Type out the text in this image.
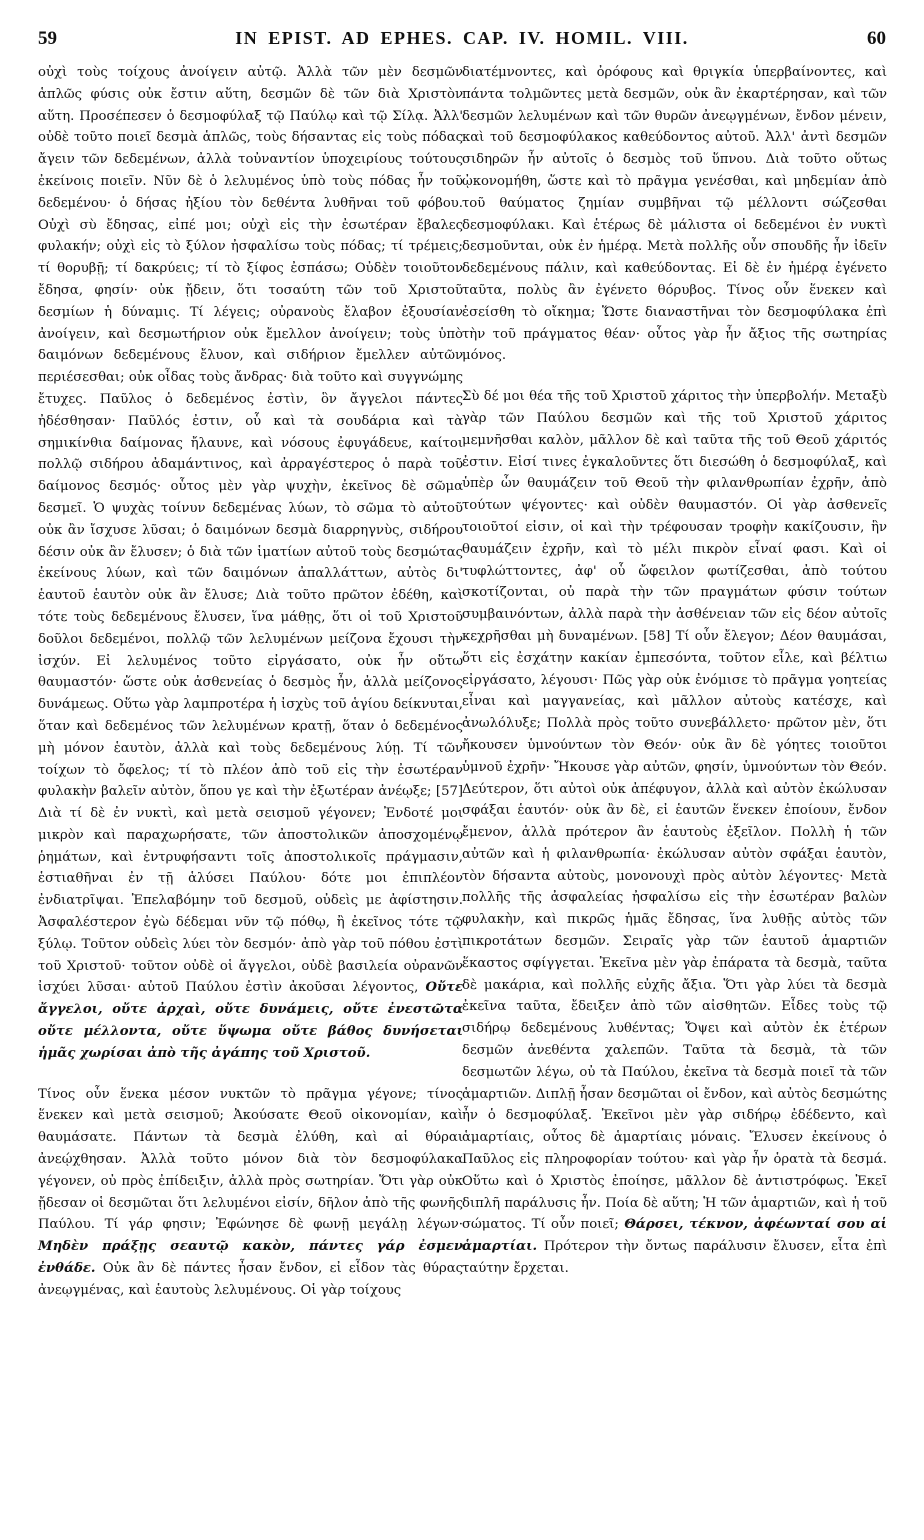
59	IN EPIST. AD EPHES. CAP. IV. HOMIL. VIII.	60

οὐχὶ τοὺς τοίχους ἀνοίγειν αὐτῷ. Ἀλλὰ τῶν μὲν δεσμῶν ἁπλῶς φύσις οὐκ ἔστιν αὕτη, δεσμῶν δὲ τῶν διὰ Χριστὸν αὕτη. Προσέπεσεν ὁ δεσμοφύλαξ τῷ Παύλῳ καὶ τῷ Σίλᾳ. Ἀλλ' οὐδὲ τοῦτο ποιεῖ δεσμὰ ἁπλῶς, τοὺς δήσαντας εἰς τοὺς πόδας ἄγειν τῶν δεδεμένων, ἀλλὰ τοὐναντίον ὑποχειρίους τούτους ἐκείνοις ποιεῖν. Νῦν δὲ ὁ λελυμένος ὑπὸ τοὺς πόδας ἦν τοῦ δεδεμένου· ὁ δήσας ἠξίου τὸν δεθέντα λυθῆναι τοῦ φόβου. Οὐχὶ σὺ ἔδησας, εἰπέ μοι; οὐχὶ εἰς τὴν ἐσωτέραν ἔβαλες φυλακήν; οὐχὶ εἰς τὸ ξύλον ἠσφαλίσω τοὺς πόδας; τί τρέμεις; τί θορυβῇ; τί δακρύεις; τί τὸ ξίφος ἐσπάσω; Οὐδὲν τοιοῦτον ἔδησα, φησίν· οὐκ ᾔδειν, ὅτι τοσαύτη τῶν τοῦ Χριστοῦ δεσμίων ἡ δύναμις. Τί λέγεις; οὐρανοὺς ἔλαβον ἐξουσίαν ἀνοίγειν, καὶ δεσμωτήριον οὐκ ἔμελλον ἀνοίγειν; τοὺς ὑπὸ δαιμόνων δεδεμένους ἔλυον, καὶ σιδήριον ἔμελλεν αὐτῶν περιέσεσθαι; οὐκ οἶδας τοὺς ἄνδρας· διὰ τοῦτο καὶ συγγνώμης ἔτυχες. Παῦλος ὁ δεδεμένος ἐστὶν, ὃν ἄγγελοι πάντες ἠδέσθησαν· Παῦλός ἐστιν, οὗ καὶ τὰ σουδάρια καὶ τὰ σημικίνθια δαίμονας ἤλαυνε, καὶ νόσους ἐφυγάδευε, καίτοι πολλῷ σιδήρου ἀδαμάντινος, καὶ ἀρραγέστερος ὁ παρὰ τοῦ δαίμονος δεσμός· οὗτος μὲν γὰρ ψυχὴν, ἐκεῖνος δὲ σῶμα δεσμεῖ. Ὁ ψυχὰς τοίνυν δεδεμένας λύων, τὸ σῶμα τὸ αὐτοῦ οὐκ ἂν ἴσχυσε λῦσαι; ὁ δαιμόνων δεσμὰ διαρρηγνὺς, σιδήρου δέσιν οὐκ ἂν ἔλυσεν; ὁ διὰ τῶν ἱματίων αὐτοῦ τοὺς δεσμώτας ἐκείνους λύων, καὶ τῶν δαιμόνων ἀπαλλάττων, αὐτὸς δι' ἑαυτοῦ ἑαυτὸν οὐκ ἂν ἔλυσε; Διὰ τοῦτο πρῶτον ἐδέθη, καὶ τότε τοὺς δεδεμένους ἔλυσεν, ἵνα μάθῃς, ὅτι οἱ τοῦ Χριστοῦ δοῦλοι δεδεμένοι, πολλῷ τῶν λελυμένων μείζονα ἔχουσι τὴν ἰσχύν. Εἰ λελυμένος τοῦτο εἰργάσατο, οὐκ ἦν οὕτω θαυμαστόν· ὥστε οὐκ ἀσθενείας ὁ δεσμὸς ἦν, ἀλλὰ μείζονος δυνάμεως. Οὕτω γὰρ λαμπροτέρα ἡ ἰσχὺς τοῦ ἁγίου δείκνυται, ὅταν καὶ δεδεμένος τῶν λελυμένων κρατῇ, ὅταν ὁ δεδεμένος μὴ μόνον ἑαυτὸν, ἀλλὰ καὶ τοὺς δεδεμένους λύῃ. Τί τῶν τοίχων τὸ ὄφελος; τί τὸ πλέον ἀπὸ τοῦ εἰς τὴν ἐσωτέραν φυλακὴν βαλεῖν αὐτὸν, ὅπου γε καὶ τὴν ἐξωτέραν ἀνέῳξε; [57] Διὰ τί δὲ ἐν νυκτὶ, καὶ μετὰ σεισμοῦ γέγονεν; Ἐνδοτέ μοι μικρὸν καὶ παραχωρήσατε, τῶν ἀποστολικῶν ἀποσχομένῳ ῥημάτων, καὶ ἐντρυφήσαντι τοῖς ἀποστολικοῖς πράγμασιν, ἑστιαθῆναι ἐν τῇ ἁλύσει Παύλου· δότε μοι ἐπιπλέον ἐνδιατρῖψαι. Ἐπελαβόμην τοῦ δεσμοῦ, οὐδεὶς με ἀφίστησιν. Ἀσφαλέστερον ἐγὼ δέδεμαι νῦν τῷ πόθῳ, ἢ ἐκεῖνος τότε τῷ ξύλῳ. Τοῦτον οὐδεὶς λύει τὸν δεσμόν· ἀπὸ γὰρ τοῦ πόθου ἐστὶ τοῦ Χριστοῦ· τοῦτον οὐδὲ οἱ ἄγγελοι, οὐδὲ βασιλεία οὐρανῶν ἰσχύει λῦσαι· αὐτοῦ Παύλου ἐστὶν ἀκοῦσαι λέγοντος, Οὔτε ἄγγελοι, οὔτε ἀρχαὶ, οὔτε δυνάμεις, οὔτε ἐνεστῶτα οὔτε μέλλοντα, οὔτε ὕψωμα οὔτε βάθος δυνήσεται ἡμᾶς χωρίσαι ἀπὸ τῆς ἀγάπης τοῦ Χριστοῦ.

Τίνος οὖν ἕνεκα μέσον νυκτῶν τὸ πρᾶγμα γέγονε; τίνος ἕνεκεν καὶ μετὰ σεισμοῦ; Ἀκούσατε Θεοῦ οἰκονομίαν, καὶ θαυμάσατε. Πάντων τὰ δεσμὰ ἐλύθη, καὶ αἱ θύραι ἀνεῴχθησαν. Ἀλλὰ τοῦτο μόνον διὰ τὸν δεσμοφύλακα γέγονεν, οὐ πρὸς ἐπίδειξιν, ἀλλὰ πρὸς σωτηρίαν. Ὅτι γὰρ οὐκ ᾔδεσαν οἱ δεσμῶται ὅτι λελυμένοι εἰσίν, δῆλον ἀπὸ τῆς φωνῆς Παύλου. Τί γάρ φησιν; Ἐφώνησε δὲ φωνῇ μεγάλῃ λέγων· Μηδὲν πράξῃς σεαυτῷ κακὸν, πάντες γάρ ἐσμεν ἐνθάδε. Οὐκ ἂν δὲ πάντες ἦσαν ἔνδον, εἰ εἶδον τὰς θύρας ἀνεῳγμένας, καὶ ἑαυτοὺς λελυμένους. Οἱ γὰρ τοίχους

διατέμνοντες, καὶ ὀρόφους καὶ θριγκία ὑπερβαίνοντες, καὶ πάντα τολμῶντες μετὰ δεσμῶν, οὐκ ἂν ἐκαρτέρησαν, καὶ τῶν δεσμῶν λελυμένων καὶ τῶν θυρῶν ἀνεῳγμένων, ἔνδον μένειν, καὶ τοῦ δεσμοφύλακος καθεύδοντος αὐτοῦ. Ἀλλ' ἀντὶ δεσμῶν σιδηρῶν ἦν αὐτοῖς ὁ δεσμὸς τοῦ ὕπνου. Διὰ τοῦτο οὕτως ᾠκονομήθη, ὥστε καὶ τὸ πρᾶγμα γενέσθαι, καὶ μηδεμίαν ἀπὸ τοῦ θαύματος ζημίαν συμβῆναι τῷ μέλλοντι σώζεσθαι δεσμοφύλακι. Καὶ ἑτέρως δὲ μάλιστα οἱ δεδεμένοι ἐν νυκτὶ δεσμοῦνται, οὐκ ἐν ἡμέρᾳ. Μετὰ πολλῆς οὖν σπουδῆς ἦν ἰδεῖν δεδεμένους πάλιν, καὶ καθεύδοντας. Εἰ δὲ ἐν ἡμέρᾳ ἐγένετο ταῦτα, πολὺς ἂν ἐγένετο θόρυβος. Τίνος οὖν ἕνεκεν καὶ ἐσείσθη τὸ οἴκημα; Ὥστε διαναστῆναι τὸν δεσμοφύλακα ἐπὶ τὴν τοῦ πράγματος θέαν· οὗτος γὰρ ἦν ἄξιος τῆς σωτηρίας μόνος.

Σὺ δέ μοι θέα τῆς τοῦ Χριστοῦ χάριτος τὴν ὑπερβολήν. Μεταξὺ γὰρ τῶν Παύλου δεσμῶν καὶ τῆς τοῦ Χριστοῦ χάριτος μεμνῆσθαι καλὸν, μᾶλλον δὲ καὶ ταῦτα τῆς τοῦ Θεοῦ χάριτός ἐστιν. Εἰσί τινες ἐγκαλοῦντες ὅτι διεσώθη ὁ δεσμοφύλαξ, καὶ ὑπὲρ ὧν θαυμάζειν τοῦ Θεοῦ τὴν φιλανθρωπίαν ἐχρῆν, ἀπὸ τούτων ψέγοντες· καὶ οὐδὲν θαυμαστόν. Οἱ γὰρ ἀσθενεῖς τοιοῦτοί εἰσιν, οἱ καὶ τὴν τρέφουσαν τροφὴν κακίζουσιν, ἣν θαυμάζειν ἐχρῆν, καὶ τὸ μέλι πικρὸν εἶναί φασι. Καὶ οἱ τυφλώττοντες, ἀφ' οὗ ὤφειλον φωτίζεσθαι, ἀπὸ τούτου σκοτίζονται, οὐ παρὰ τὴν τῶν πραγμάτων φύσιν τούτων συμβαινόντων, ἀλλὰ παρὰ τὴν ἀσθένειαν τῶν εἰς δέον αὐτοῖς κεχρῆσθαι μὴ δυναμένων. [58] Τί οὖν ἔλεγον; Δέον θαυμάσαι, ὅτι εἰς ἐσχάτην κακίαν ἐμπεσόντα, τοῦτον εἷλε, καὶ βέλτιω εἰργάσατο, λέγουσι· Πῶς γὰρ οὐκ ἐνόμισε τὸ πρᾶγμα γοητείας εἶναι καὶ μαγγανείας, καὶ μᾶλλον αὐτοὺς κατέσχε, καὶ ἀνωλόλυξε; Πολλὰ πρὸς τοῦτο συνεβάλλετο· πρῶτον μὲν, ὅτι ἤκουσεν ὑμνούντων τὸν Θεόν· οὐκ ἂν δὲ γόητες τοιοῦτοι ὑμνοῦ ἐχρῆν· Ἤκουσε γὰρ αὐτῶν, φησίν, ὑμνούντων τὸν Θεόν. Δεύτερον, ὅτι αὐτοὶ οὐκ ἀπέφυγον, ἀλλὰ καὶ αὐτὸν ἐκώλυσαν σφάξαι ἑαυτόν· οὐκ ἂν δὲ, εἰ ἑαυτῶν ἕνεκεν ἐποίουν, ἔνδον ἔμενον, ἀλλὰ πρότερον ἂν ἑαυτοὺς ἐξεῖλον. Πολλὴ ἡ τῶν αὐτῶν καὶ ἡ φιλανθρωπία· ἐκώλυσαν αὐτὸν σφάξαι ἑαυτὸν, τὸν δήσαντα αὐτοὺς, μονονουχὶ πρὸς αὐτὸν λέγοντες· Μετὰ πολλῆς τῆς ἀσφαλείας ἠσφαλίσω εἰς τὴν ἐσωτέραν βαλὼν φυλακὴν, καὶ πικρῶς ἡμᾶς ἔδησας, ἵνα λυθῇς αὐτὸς τῶν πικροτάτων δεσμῶν. Σειραῖς γὰρ τῶν ἑαυτοῦ ἁμαρτιῶν ἕκαστος σφίγγεται. Ἐκεῖνα μὲν γὰρ ἐπάρατα τὰ δεσμὰ, ταῦτα δὲ μακάρια, καὶ πολλῆς εὐχῆς ἄξια. Ὅτι γὰρ λύει τὰ δεσμὰ ἐκεῖνα ταῦτα, ἔδειξεν ἀπὸ τῶν αἰσθητῶν. Εἶδες τοὺς τῷ σιδήρῳ δεδεμένους λυθέντας; Ὄψει καὶ αὐτὸν ἐκ ἑτέρων δεσμῶν ἀνεθέντα χαλεπῶν. Ταῦτα τὰ δεσμὰ, τὰ τῶν δεσμωτῶν λέγω, οὐ τὰ Παύλου, ἐκεῖνα τὰ δεσμὰ ποιεῖ τὰ τῶν ἁμαρτιῶν. Διπλῇ ἦσαν δεσμῶται οἱ ἔνδον, καὶ αὐτὸς δεσμώτης ἦν ὁ δεσμοφύλαξ. Ἐκεῖνοι μὲν γὰρ σιδήρῳ ἐδέδεντο, καὶ ἁμαρτίαις, οὗτος δὲ ἁμαρτίαις μόναις. Ἔλυσεν ἐκείνους ὁ Παῦλος εἰς πληροφορίαν τούτου· καὶ γὰρ ἦν ὁρατὰ τὰ δεσμά. Οὕτω καὶ ὁ Χριστὸς ἐποίησε, μᾶλλον δὲ ἀντιστρόφως. Ἐκεῖ διπλῆ παράλυσις ἦν. Ποία δὲ αὕτη; Ἡ τῶν ἁμαρτιῶν, καὶ ἡ τοῦ σώματος. Τί οὖν ποιεῖ; Θάρσει, τέκνον, ἀφέωνταί σου αἱ ἁμαρτίαι. Πρότερον τὴν ὄντως παράλυσιν ἔλυσεν, εἶτα ἐπὶ ταύτην ἔρχεται.
